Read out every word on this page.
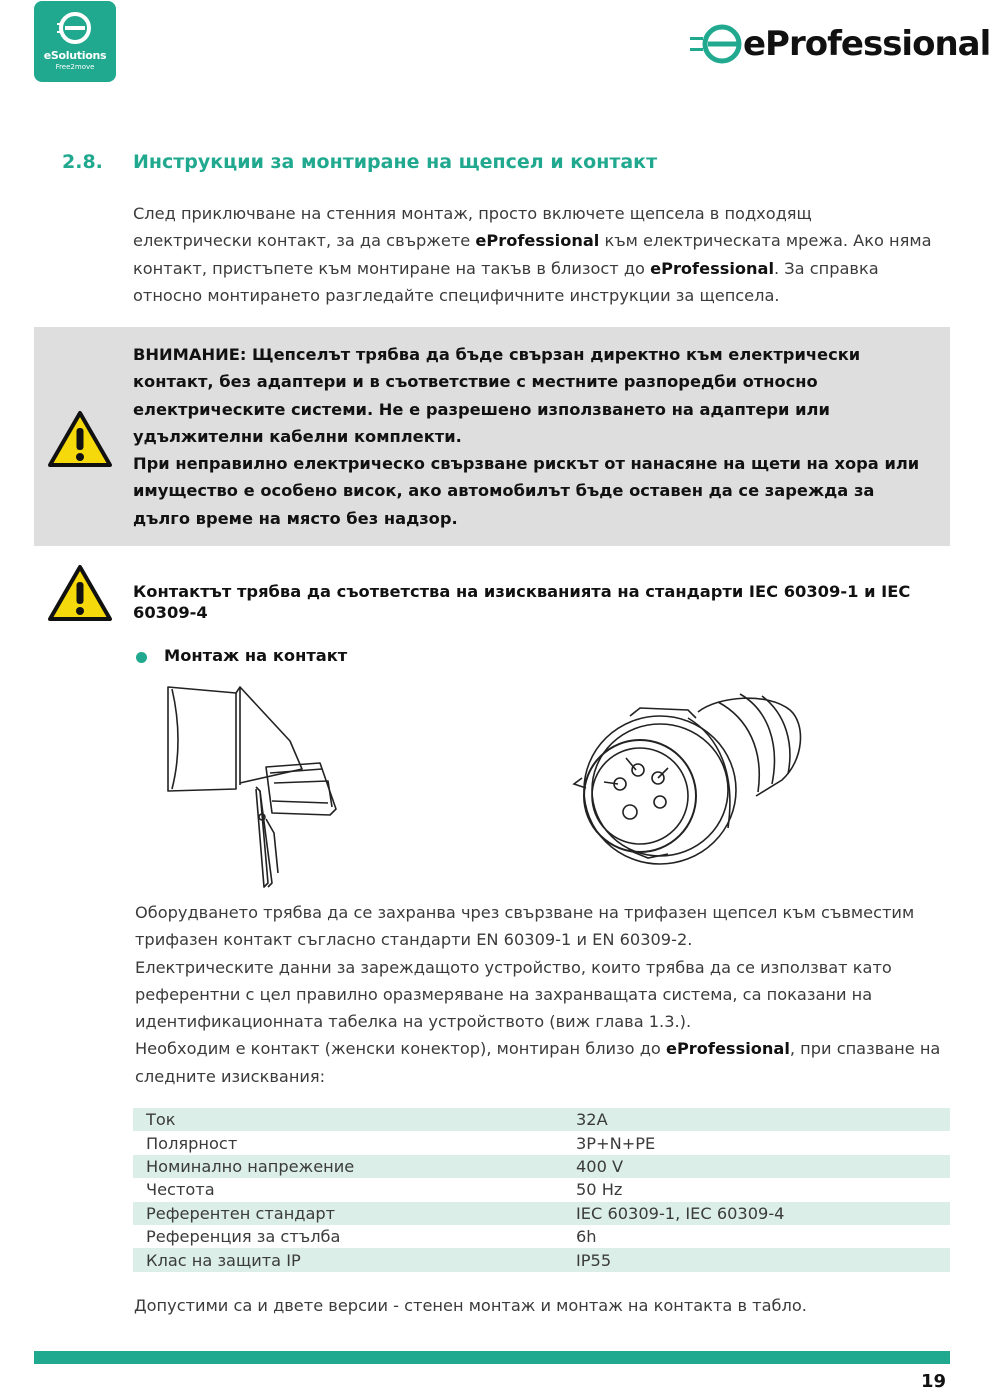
eSolutions
Free2move
eProfessional
2.8. Инструкции за монтиране на щепсел и контакт
След приключване на стенния монтаж, просто включете щепсела в подходящ електрически контакт, за да свържете eProfessional към електрическата мрежа. Ако няма контакт, пристъпете към монтиране на такъв в близост до eProfessional. За справка относно монтирането разгледайте специфичните инструкции за щепсела.
ВНИМАНИЕ: Щепселът трябва да бъде свързан директно към електрически контакт, без адаптери и в съответствие с местните разпоредби относно електрическите системи. Не е разрешено използването на адаптери или удължителни кабелни комплекти.
При неправилно електрическо свързване рискът от нанасяне на щети на хора или имущество е особено висок, ако автомобилът бъде оставен да се зарежда за дълго време на място без надзор.
Контактът трябва да съответства на изискванията на стандарти IEC 60309-1 и IEC 60309-4
Монтаж на контакт
Оборудването трябва да се захранва чрез свързване на трифазен щепсел към съвместим трифазен контакт съгласно стандарти EN 60309-1 и EN 60309-2.
Електрическите данни за зареждащото устройство, които трябва да се използват като референтни с цел правилно оразмеряване на захранващата система, са показани на идентификационната табелка на устройството (виж глава 1.3.).
Необходим е контакт (женски конектор), монтиран близо до eProfessional, при спазване на следните изисквания:
Ток	32A
Полярност	3P+N+PE
Номинално напрежение	400 V
Честота	50 Hz
Референтен стандарт	IEC 60309-1, IEC 60309-4
Референция за стълба	6h
Клас на защита IP	IP55
Допустими са и двете версии - стенен монтаж и монтаж на контакта в табло.
19
